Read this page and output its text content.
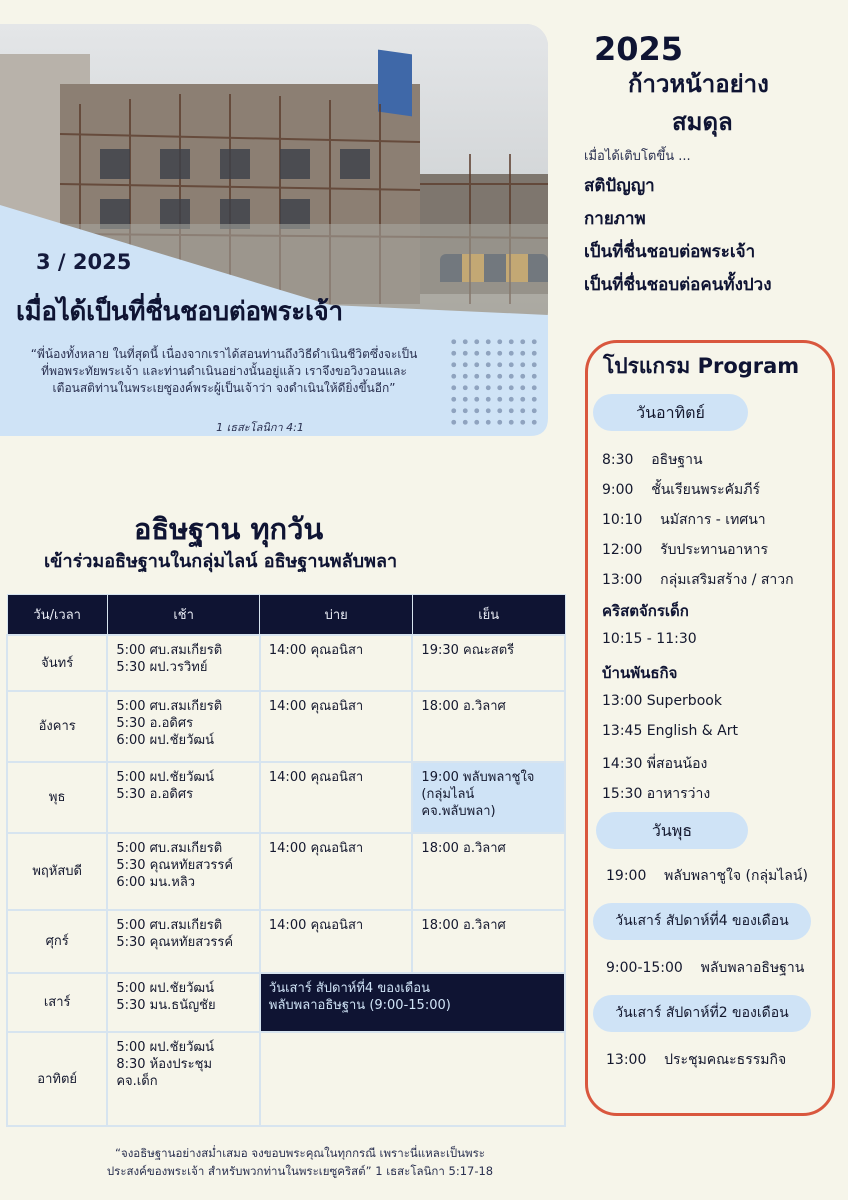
3 / 2025
เมื่อได้เป็นที่ชื่นชอบต่อพระเจ้า
“พี่น้องทั้งหลาย ในที่สุดนี้ เนื่องจากเราได้สอนท่านถึงวิธีดำเนินชีวิตซึ่งจะเป็น
ที่พอพระทัยพระเจ้า และท่านดำเนินอย่างนั้นอยู่แล้ว เราจึงขอวิงวอนและ
เตือนสติท่านในพระเยซูองค์พระผู้เป็นเจ้าว่า จงดำเนินให้ดียิ่งขึ้นอีก”
1 เธสะโลนิกา 4:1
2025
ก้าวหน้าอย่าง
สมดุล
เมื่อได้เติบโตขึ้น ...
สติปัญญา
กายภาพ
เป็นที่ชื่นชอบต่อพระเจ้า
เป็นที่ชื่นชอบต่อคนทั้งปวง
โปรแกรม Program
วันอาทิตย์
8:30    อธิษฐาน
9:00    ชั้นเรียนพระคัมภีร์
10:10    นมัสการ - เทศนา
12:00    รับประทานอาหาร
13:00    กลุ่มเสริมสร้าง / สาวก
คริสตจักรเด็ก
10:15 - 11:30
บ้านพันธกิจ
13:00 Superbook
13:45 English & Art
14:30 พี่สอนน้อง
15:30 อาหารว่าง
วันพุธ
19:00    พลับพลาชูใจ (กลุ่มไลน์)
วันเสาร์ สัปดาห์ที่4 ของเดือน
9:00-15:00    พลับพลาอธิษฐาน
วันเสาร์ สัปดาห์ที่2 ของเดือน
13:00    ประชุมคณะธรรมกิจ
อธิษฐาน ทุกวัน
เข้าร่วมอธิษฐานในกลุ่มไลน์ อธิษฐานพลับพลา
วัน/เวลา	เช้า	บ่าย	เย็น
จันทร์	5:00 ศบ.สมเกียรติ
5:30 ผป.วรวิทย์	14:00 คุณอนิสา	19:30 คณะสตรี

อังคาร	5:00 ศบ.สมเกียรติ
5:30 อ.อดิศร
6:00 ผป.ชัยวัฒน์	14:00 คุณอนิสา	18:00 อ.วิลาศ

พุธ	5:00 ผป.ชัยวัฒน์
5:30 อ.อดิศร	14:00 คุณอนิสา	19:00 พลับพลาชูใจ
(กลุ่มไลน์
คจ.พลับพลา)

พฤหัสบดี	5:00 ศบ.สมเกียรติ
5:30 คุณหทัยสวรรค์
6:00 มน.หลิว	14:00 คุณอนิสา	18:00 อ.วิลาศ

ศุกร์	5:00 ศบ.สมเกียรติ
5:30 คุณหทัยสวรรค์	14:00 คุณอนิสา	18:00 อ.วิลาศ

เสาร์	5:00 ผป.ชัยวัฒน์
5:30 มน.ธนัญชัย	วันเสาร์ สัปดาห์ที่4 ของเดือน
พลับพลาอธิษฐาน (9:00-15:00)	

อาทิตย์	5:00 ผป.ชัยวัฒน์
8:30 ห้องประชุม
คจ.เด็ก		

“จงอธิษฐานอย่างสม่ำเสมอ จงขอบพระคุณในทุกกรณี เพราะนี่แหละเป็นพระ
ประสงค์ของพระเจ้า สำหรับพวกท่านในพระเยซูคริสต์” 1 เธสะโลนิกา 5:17-18
